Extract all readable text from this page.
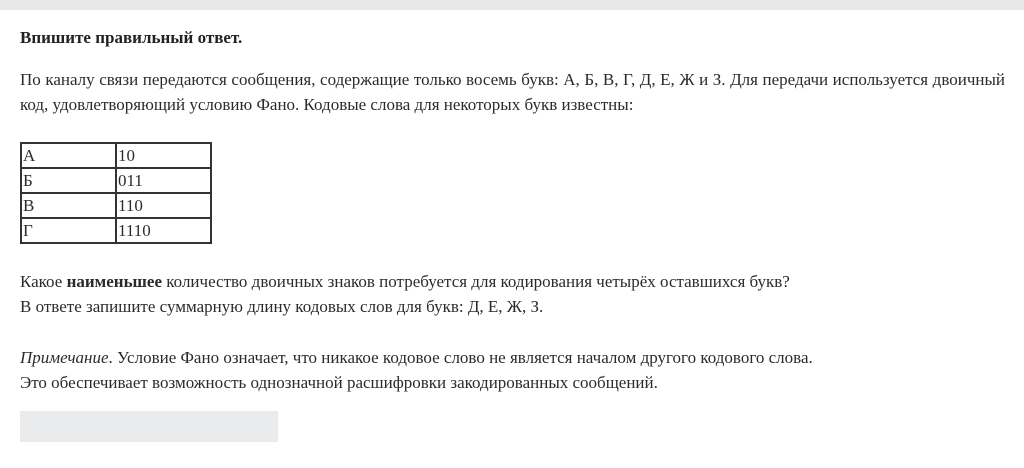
Впишите правильный ответ.

По каналу связи передаются сообщения, содержащие только восемь букв: А, Б, В, Г, Д, Е, Ж и З. Для передачи используется двоичный код, удовлетворяющий условию Фано. Кодовые слова для некоторых букв известны:

А	10
Б	011
В	110
Г	1110

Какое наименьшее количество двоичных знаков потребуется для кодирования четырёх оставшихся букв?
В ответе запишите суммарную длину кодовых слов для букв: Д, Е, Ж, З.

Примечание. Условие Фано означает, что никакое кодовое слово не является началом другого кодового слова.
Это обеспечивает возможность однозначной расшифровки закодированных сообщений.
